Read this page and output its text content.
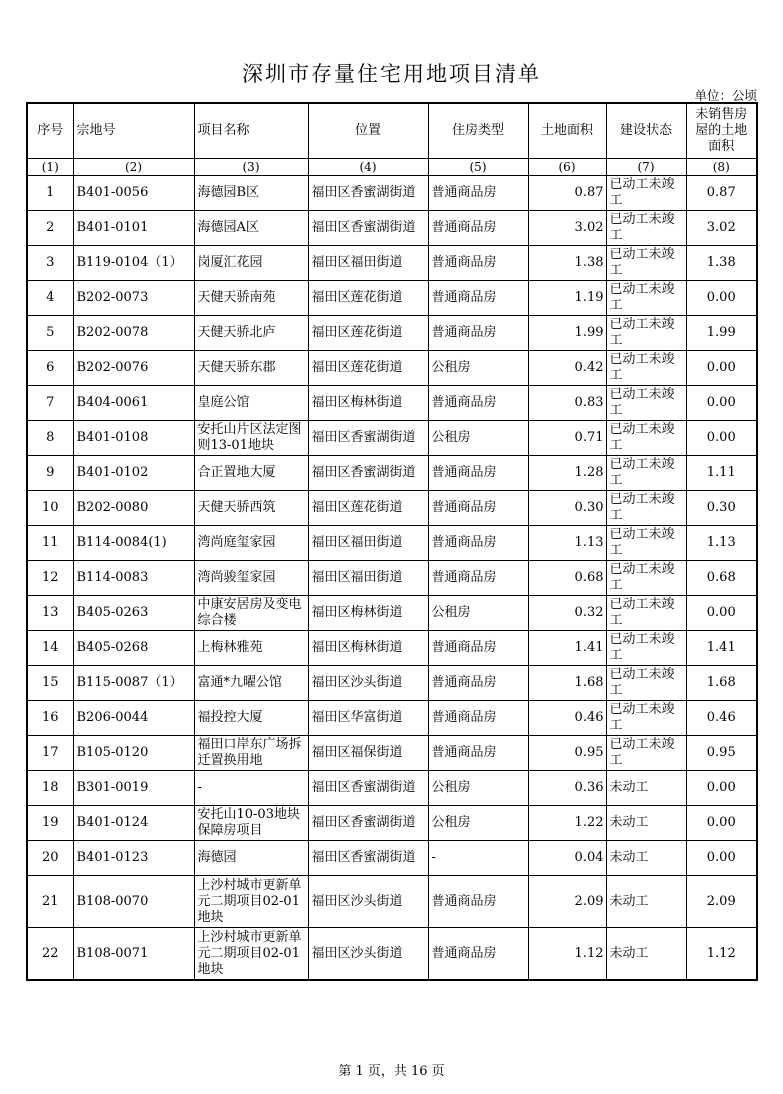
深圳市存量住宅用地项目清单
单位：公顷
序号	宗地号	项目名称	位置	住房类型	土地面积	建设状态	未销售房屋的土地面积
(1)	(2)	(3)	(4)	(5)	(6)	(7)	(8)
1	B401-0056	海德园B区	福田区香蜜湖街道	普通商品房	0.87	已动工未竣工	0.87
2	B401-0101	海德园A区	福田区香蜜湖街道	普通商品房	3.02	已动工未竣工	3.02
3	B119-0104（1）	岗厦汇花园	福田区福田街道	普通商品房	1.38	已动工未竣工	1.38
4	B202-0073	天健天骄南苑	福田区莲花街道	普通商品房	1.19	已动工未竣工	0.00
5	B202-0078	天健天骄北庐	福田区莲花街道	普通商品房	1.99	已动工未竣工	1.99
6	B202-0076	天健天骄东郡	福田区莲花街道	公租房	0.42	已动工未竣工	0.00
7	B404-0061	皇庭公馆	福田区梅林街道	普通商品房	0.83	已动工未竣工	0.00
8	B401-0108	安托山片区法定图则13-01地块	福田区香蜜湖街道	公租房	0.71	已动工未竣工	0.00
9	B401-0102	合正置地大厦	福田区香蜜湖街道	普通商品房	1.28	已动工未竣工	1.11
10	B202-0080	天健天骄西筑	福田区莲花街道	普通商品房	0.30	已动工未竣工	0.30
11	B114-0084(1)	湾尚庭玺家园	福田区福田街道	普通商品房	1.13	已动工未竣工	1.13
12	B114-0083	湾尚骏玺家园	福田区福田街道	普通商品房	0.68	已动工未竣工	0.68
13	B405-0263	中康安居房及变电综合楼	福田区梅林街道	公租房	0.32	已动工未竣工	0.00
14	B405-0268	上梅林雅苑	福田区梅林街道	普通商品房	1.41	已动工未竣工	1.41
15	B115-0087（1）	富通*九曜公馆	福田区沙头街道	普通商品房	1.68	已动工未竣工	1.68
16	B206-0044	福投控大厦	福田区华富街道	普通商品房	0.46	已动工未竣工	0.46
17	B105-0120	福田口岸东广场拆迁置换用地	福田区福保街道	普通商品房	0.95	已动工未竣工	0.95
18	B301-0019	-	福田区香蜜湖街道	公租房	0.36	未动工	0.00
19	B401-0124	安托山10-03地块保障房项目	福田区香蜜湖街道	公租房	1.22	未动工	0.00
20	B401-0123	海德园	福田区香蜜湖街道	-	0.04	未动工	0.00
21	B108-0070	上沙村城市更新单元二期项目02-01地块	福田区沙头街道	普通商品房	2.09	未动工	2.09
22	B108-0071	上沙村城市更新单元二期项目02-01地块	福田区沙头街道	普通商品房	1.12	未动工	1.12
第 1 页，共 16 页
